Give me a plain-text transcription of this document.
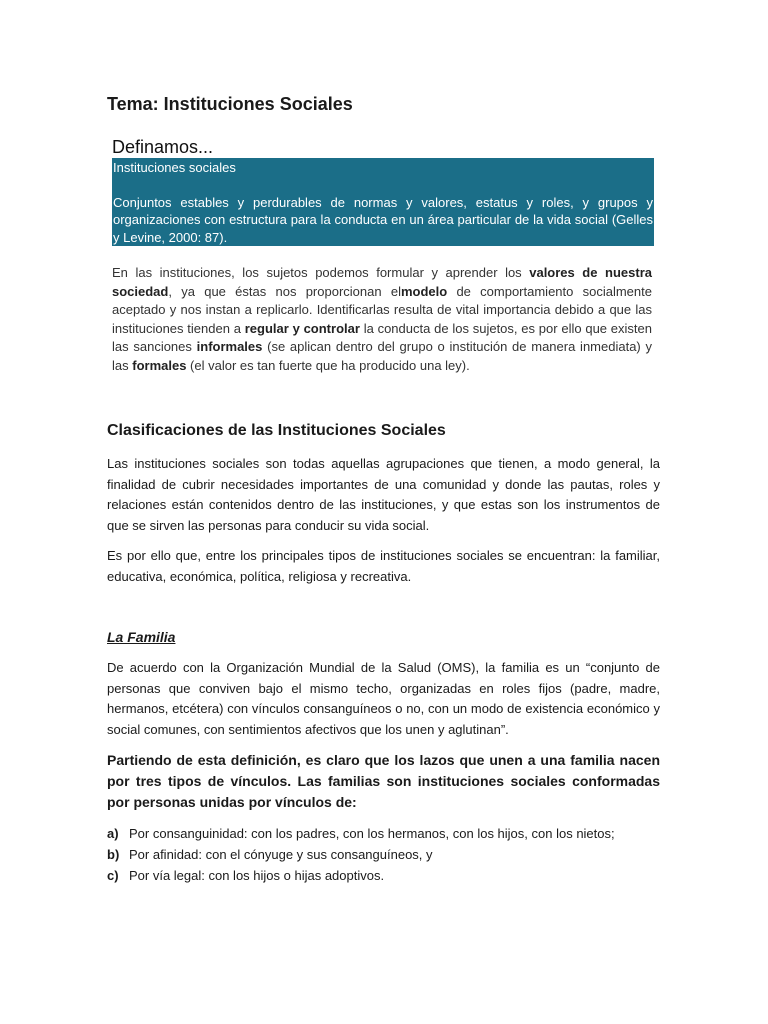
Tema: Instituciones Sociales
Definamos...
Instituciones sociales
Conjuntos estables y perdurables de normas y valores, estatus y roles, y grupos y organizaciones con estructura para la conducta en un área particular de la vida social (Gelles y Levine, 2000: 87).

En las instituciones, los sujetos podemos formular y aprender los valores de nuestra sociedad, ya que éstas nos proporcionan elmodelo de comportamiento socialmente aceptado y nos instan a replicarlo. Identificarlas resulta de vital importancia debido a que las instituciones tienden a regular y controlar la conducta de los sujetos, es por ello que existen las sanciones informales (se aplican dentro del grupo o institución de manera inmediata) y las formales (el valor es tan fuerte que ha producido una ley).

Clasificaciones de las Instituciones Sociales

Las instituciones sociales son todas aquellas agrupaciones que tienen, a modo general, la finalidad de cubrir necesidades importantes de una comunidad y donde las pautas, roles y relaciones están contenidos dentro de las instituciones, y que estas son los instrumentos de que se sirven las personas para conducir su vida social.

Es por ello que, entre los principales tipos de instituciones sociales se encuentran: la familiar, educativa, económica, política, religiosa y recreativa.

La Familia

De acuerdo con la Organización Mundial de la Salud (OMS), la familia es un “conjunto de personas que conviven bajo el mismo techo, organizadas en roles fijos (padre, madre, hermanos, etcétera) con vínculos consanguíneos o no, con un modo de existencia económico y social comunes, con sentimientos afectivos que los unen y aglutinan”.

Partiendo de esta definición, es claro que los lazos que unen a una familia nacen por tres tipos de vínculos. Las familias son instituciones sociales conformadas por personas unidas por vínculos de:

a) Por consanguinidad: con los padres, con los hermanos, con los hijos, con los nietos;
b) Por afinidad: con el cónyuge y sus consanguíneos, y
c) Por vía legal: con los hijos o hijas adoptivos.
